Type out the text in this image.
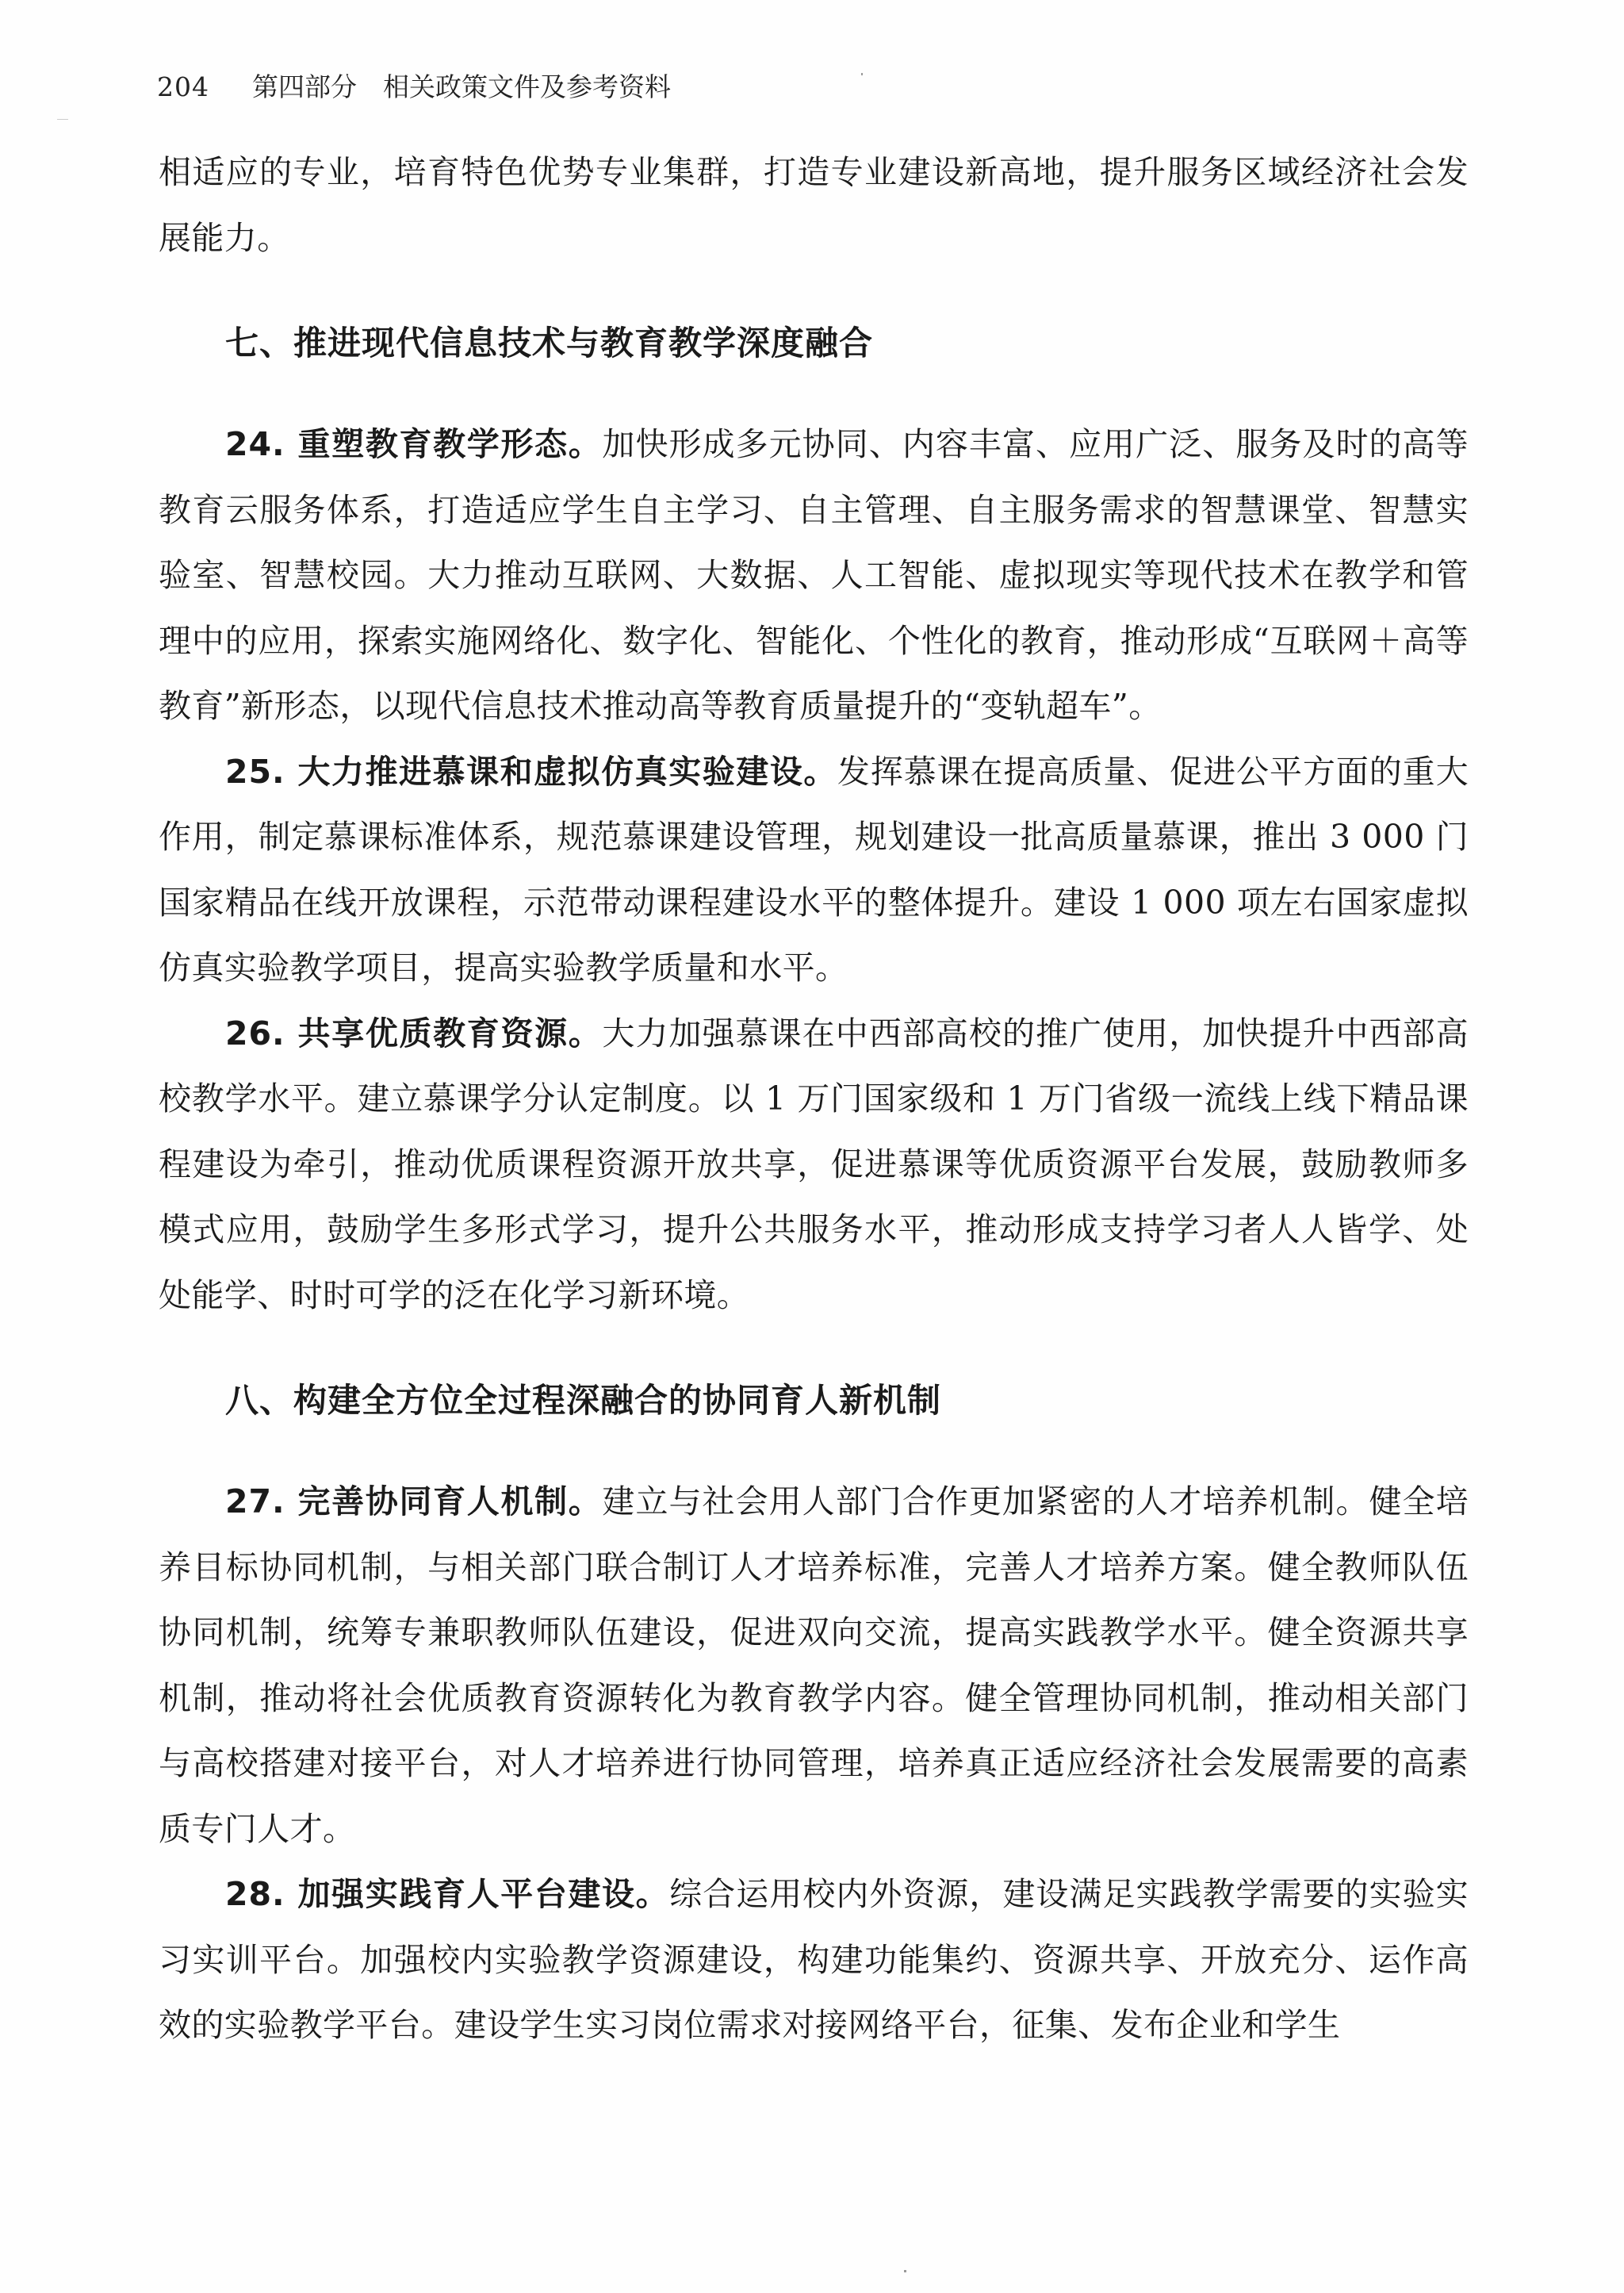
204 第四部分　相关政策文件及参考资料

相适应的专业，培育特色优势专业集群，打造专业建设新高地，提升服务区域经济社会发展能力。

七、推进现代信息技术与教育教学深度融合

24. 重塑教育教学形态。加快形成多元协同、内容丰富、应用广泛、服务及时的高等教育云服务体系，打造适应学生自主学习、自主管理、自主服务需求的智慧课堂、智慧实验室、智慧校园。大力推动互联网、大数据、人工智能、虚拟现实等现代技术在教学和管理中的应用，探索实施网络化、数字化、智能化、个性化的教育，推动形成“互联网＋高等教育”新形态，以现代信息技术推动高等教育质量提升的“变轨超车”。

25. 大力推进慕课和虚拟仿真实验建设。发挥慕课在提高质量、促进公平方面的重大作用，制定慕课标准体系，规范慕课建设管理，规划建设一批高质量慕课，推出 3 000 门国家精品在线开放课程，示范带动课程建设水平的整体提升。建设 1 000 项左右国家虚拟仿真实验教学项目，提高实验教学质量和水平。

26. 共享优质教育资源。大力加强慕课在中西部高校的推广使用，加快提升中西部高校教学水平。建立慕课学分认定制度。以 1 万门国家级和 1 万门省级一流线上线下精品课程建设为牵引，推动优质课程资源开放共享，促进慕课等优质资源平台发展，鼓励教师多模式应用，鼓励学生多形式学习，提升公共服务水平，推动形成支持学习者人人皆学、处处能学、时时可学的泛在化学习新环境。

八、构建全方位全过程深融合的协同育人新机制

27. 完善协同育人机制。建立与社会用人部门合作更加紧密的人才培养机制。健全培养目标协同机制，与相关部门联合制订人才培养标准，完善人才培养方案。健全教师队伍协同机制，统筹专兼职教师队伍建设，促进双向交流，提高实践教学水平。健全资源共享机制，推动将社会优质教育资源转化为教育教学内容。健全管理协同机制，推动相关部门与高校搭建对接平台，对人才培养进行协同管理，培养真正适应经济社会发展需要的高素质专门人才。

28. 加强实践育人平台建设。综合运用校内外资源，建设满足实践教学需要的实验实习实训平台。加强校内实验教学资源建设，构建功能集约、资源共享、开放充分、运作高效的实验教学平台。建设学生实习岗位需求对接网络平台，征集、发布企业和学生
